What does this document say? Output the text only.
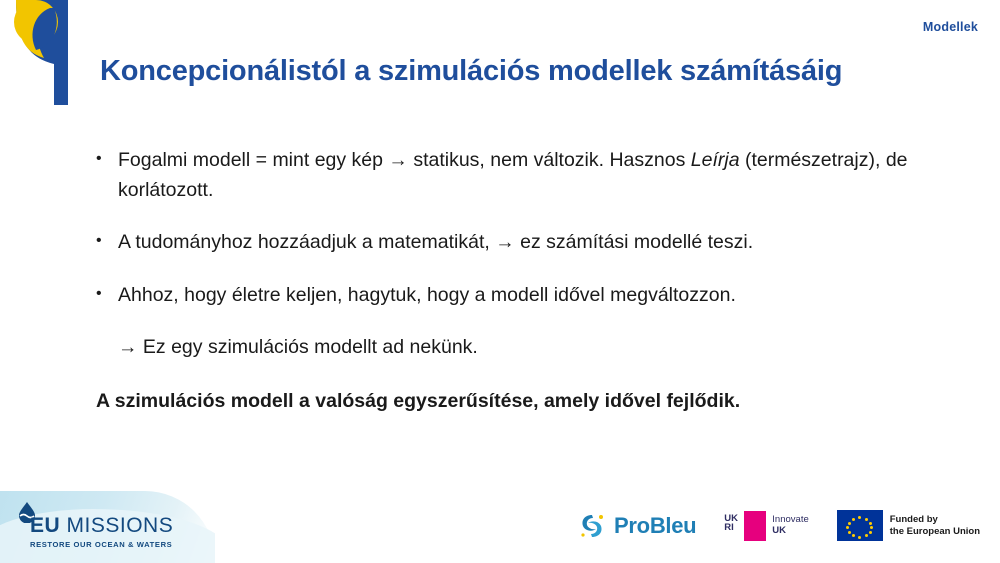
Modellek
Koncepcionálistól a szimulációs modellek számításáig
• Fogalmi modell = mint egy kép → statikus, nem változik. Hasznos Leírja (természetrajz), de korlátozott.
• A tudományhoz hozzáadjuk a matematikát, → ez számítási modellé teszi.
• Ahhoz, hogy életre keljen, hagytuk, hogy a modell idővel megváltozzon.
→ Ez egy szimulációs modellt ad nekünk.
A szimulációs modell a valóság egyszerűsítése, amely idővel fejlődik.
EU MISSIONS
RESTORE OUR OCEAN & WATERS
ProBleu	UK
RI
Innovate
UK
Funded by
the European Union
